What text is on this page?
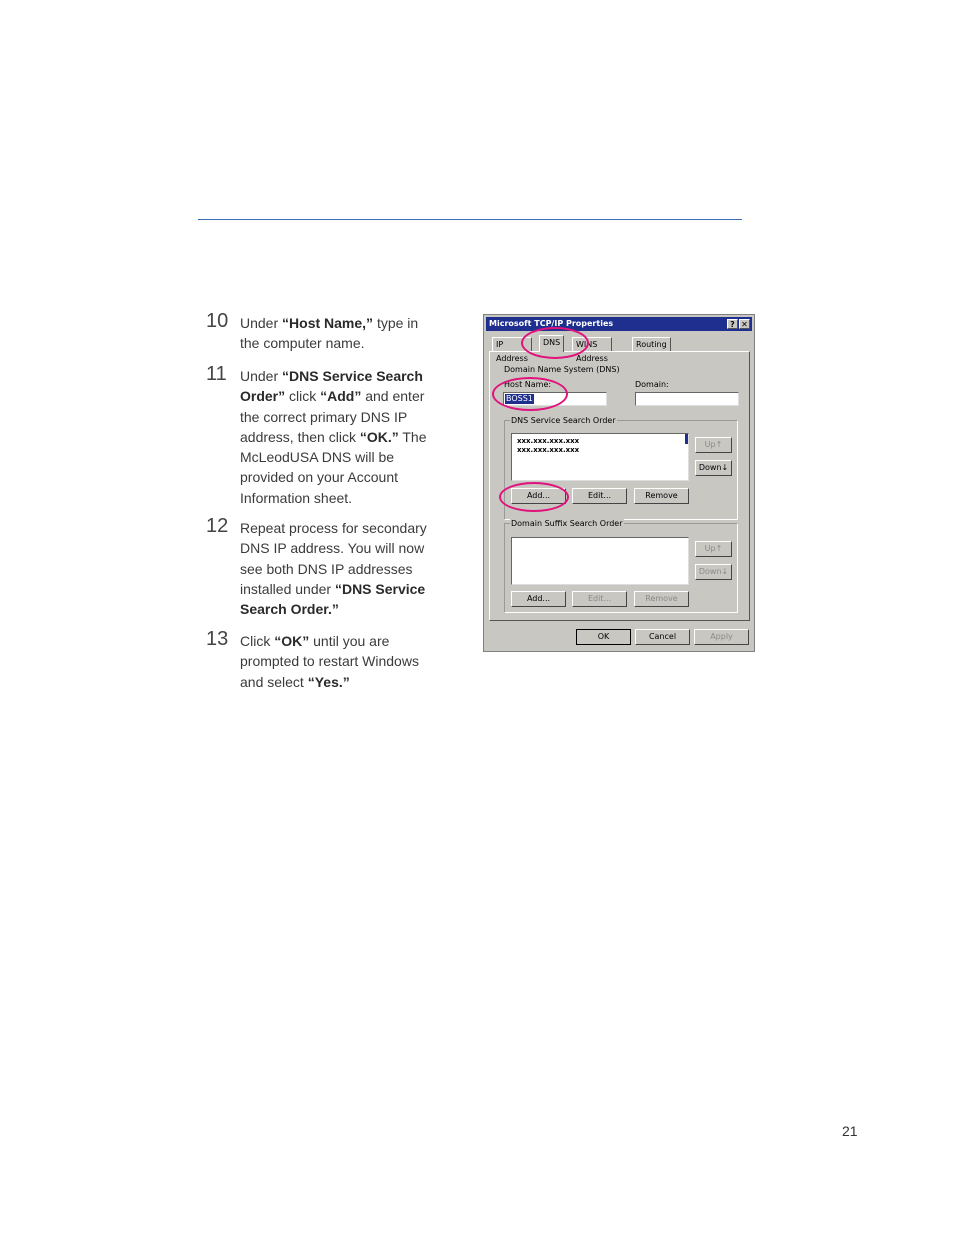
10 Under “Host Name,” type in the computer name.
11 Under “DNS Service Search Order” click “Add” and enter the correct primary DNS IP address, then click “OK.” The McLeodUSA DNS will be provided on your Account Information sheet.
12 Repeat process for secondary DNS IP address. You will now see both DNS IP addresses installed under “DNS Service Search Order.”
13 Click “OK” until you are prompted to restart Windows and select “Yes.”
Microsoft TCP/IP Properties	? ✕
IP Address
DNS	WINS Address
Routing
Domain Name System (DNS)
Host Name:
BOSS1
Domain:
DNS Service Search Order
xxx.xxx.xxx.xxx
xxx.xxx.xxx.xxx
Up↑
Down↓
Add...	Edit...	Remove
Domain Suffix Search Order
Up↑
Down↓
Add...	Edit...	Remove
OK	Cancel	Apply
21
